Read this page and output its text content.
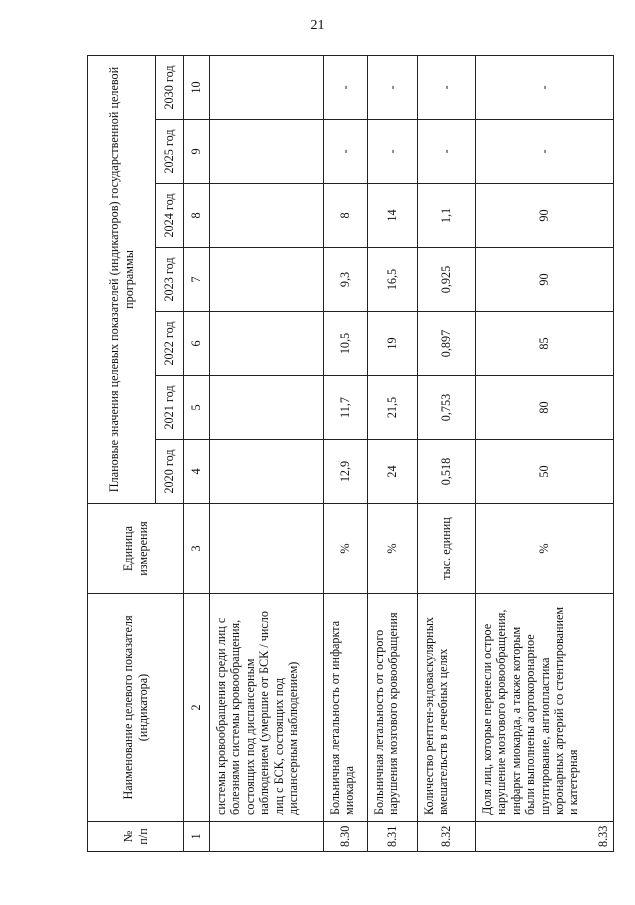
21
№ п/п	Наименование целевого показателя (индикатора)	Единица измерения	Плановые значения целевых показателей (индикаторов) государственной целевой программы						
			2020 год	2021 год	2022 год	2023 год	2024 год	2025 год	2030 год
1	2	3	4	5	6	7	8	9	10
	системы кровообращения среди лиц с болезнями системы кровообращения, состоящих под диспансерным наблюдением (умершие от БСК / число лиц с БСК, состоящих под диспансерным наблюдением)								
8.30	Больничная летальность от инфаркта миокарда	%	12,9	11,7	10,5	9,3	8	-	-
8.31	Больничная летальность от острого нарушения мозгового кровообращения	%	24	21,5	19	16,5	14	-	-
8.32	Количество рентген-эндоваскулярных вмешательств в лечебных целях	тыс. единиц	0,518	0,753	0,897	0,925	1,1	-	-
8.33	Доля лиц, которые перенесли острое нарушение мозгового кровообращения, инфаркт миокарда, а также которым были выполнены аортокоронарное шунтирование, ангиопластика коронарных артерий со стентированием и катетерная	%	50	80	85	90	90	-	-
